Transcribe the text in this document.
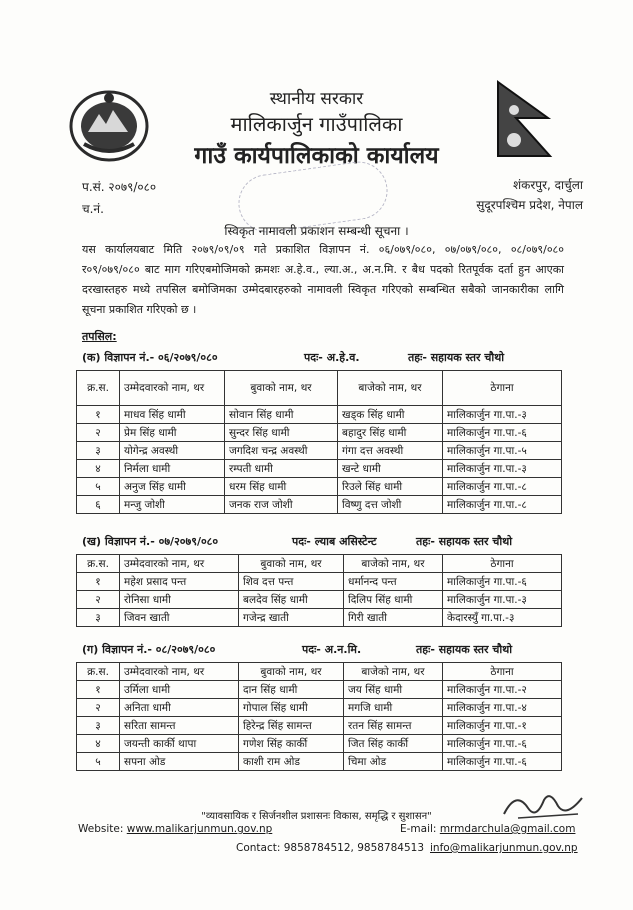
स्थानीय सरकार
मालिकार्जुन गाउँपालिका
गाउँ कार्यपालिकाको कार्यालय
प.सं. २०७९/०८०
च.नं.
शंकरपुर, दार्चुला
सुदूरपश्चिम प्रदेश, नेपाल

स्विकृत नामावली प्रकाशन सम्बन्धी सूचना ।
यस कार्यालयबाट मिति २०७९/०९/०९ गते प्रकाशित विज्ञापन नं. ०६/०७९/०८०, ०७/०७९/०८०, ०८/०७९/०८० र०९/०७९/०८० बाट माग गरिएबमोजिमको क्रमशः अ.हे.व., ल्या.अ., अ.न.मि. र बैध पदको रितपूर्वक दर्ता हुन आएका दरखास्तहरु मध्ये तपसिल बमोजिमका उम्मेदबारहरुको नामावली स्विकृत गरिएको सम्बन्धित सबैको जानकारीका लागि सूचना प्रकाशित गरिएको छ ।
तपसिल:
(क) विज्ञापन नं.- ०६/२०७९/०८०	पदः- अ.हे.व.	तहः- सहायक स्तर चौथो
क्र.स.	उम्मेदवारको नाम, थर	बुवाको नाम, थर	बाजेको नाम, थर	ठेगाना
१	माधव सिंह धामी	सोवान सिंह धामी	खड्क सिंह धामी	मालिकार्जुन गा.पा.-३
२	प्रेम सिंह धामी	सुन्दर सिंह धामी	बहादुर सिंह धामी	मालिकार्जुन गा.पा.-६
३	योगेन्द्र अवस्थी	जगदिश चन्द्र अवस्थी	गंगा दत्त अवस्थी	मालिकार्जुन गा.पा.-५
४	निर्मला धामी	रम्पती धामी	खन्टे धामी	मालिकार्जुन गा.पा.-३
५	अनुज सिंह धामी	धरम सिंह धामी	रिउले सिंह धामी	मालिकार्जुन गा.पा.-८
६	मन्जु जोशी	जनक राज जोशी	विष्णु दत्त जोशी	मालिकार्जुन गा.पा.-८
(ख) विज्ञापन नं.- ०७/२०७९/०८०	पदः- ल्याब असिस्टेन्ट	तहः- सहायक स्तर चौथो
क्र.स.	उम्मेदवारको नाम, थर	बुवाको नाम, थर	बाजेको नाम, थर	ठेगाना
१	महेश प्रसाद पन्त	शिव दत्त पन्त	धर्मानन्द पन्त	मालिकार्जुन गा.पा.-६
२	रोनिसा धामी	बलदेव सिंह धामी	दिलिप सिंह धामी	मालिकार्जुन गा.पा.-३
३	जिवन खाती	गजेन्द्र खाती	गिरी खाती	केदारस्युँ गा.पा.-३
(ग) विज्ञापन नं.- ०८/२०७९/०८०	पदः- अ.न.मि.	तहः- सहायक स्तर चौथो
क्र.स.	उम्मेदवारको नाम, थर	बुवाको नाम, थर	बाजेको नाम, थर	ठेगाना
१	उर्मिला धामी	दान सिंह धामी	जय सिंह धामी	मालिकार्जुन गा.पा.-२
२	अनिता धामी	गोपाल सिंह धामी	मगजि धामी	मालिकार्जुन गा.पा.-४
३	सरिता सामन्त	हिरेन्द्र सिंह सामन्त	रतन सिंह सामन्त	मालिकार्जुन गा.पा.-१
४	जयन्ती कार्की थापा	गणेश सिंह कार्की	जित सिंह कार्की	मालिकार्जुन गा.पा.-६
५	सपना ओड	काशी राम ओड	चिमा ओड	मालिकार्जुन गा.पा.-६
"व्यावसायिक र सिर्जनशील प्रशासनः विकास, समृद्धि र सुशासन"
Website: www.malikarjunmun.gov.np	E-mail: mrmdarchula@gmail.com
Contact: 9858784512, 9858784513 info@malikarjunmun.gov.np
